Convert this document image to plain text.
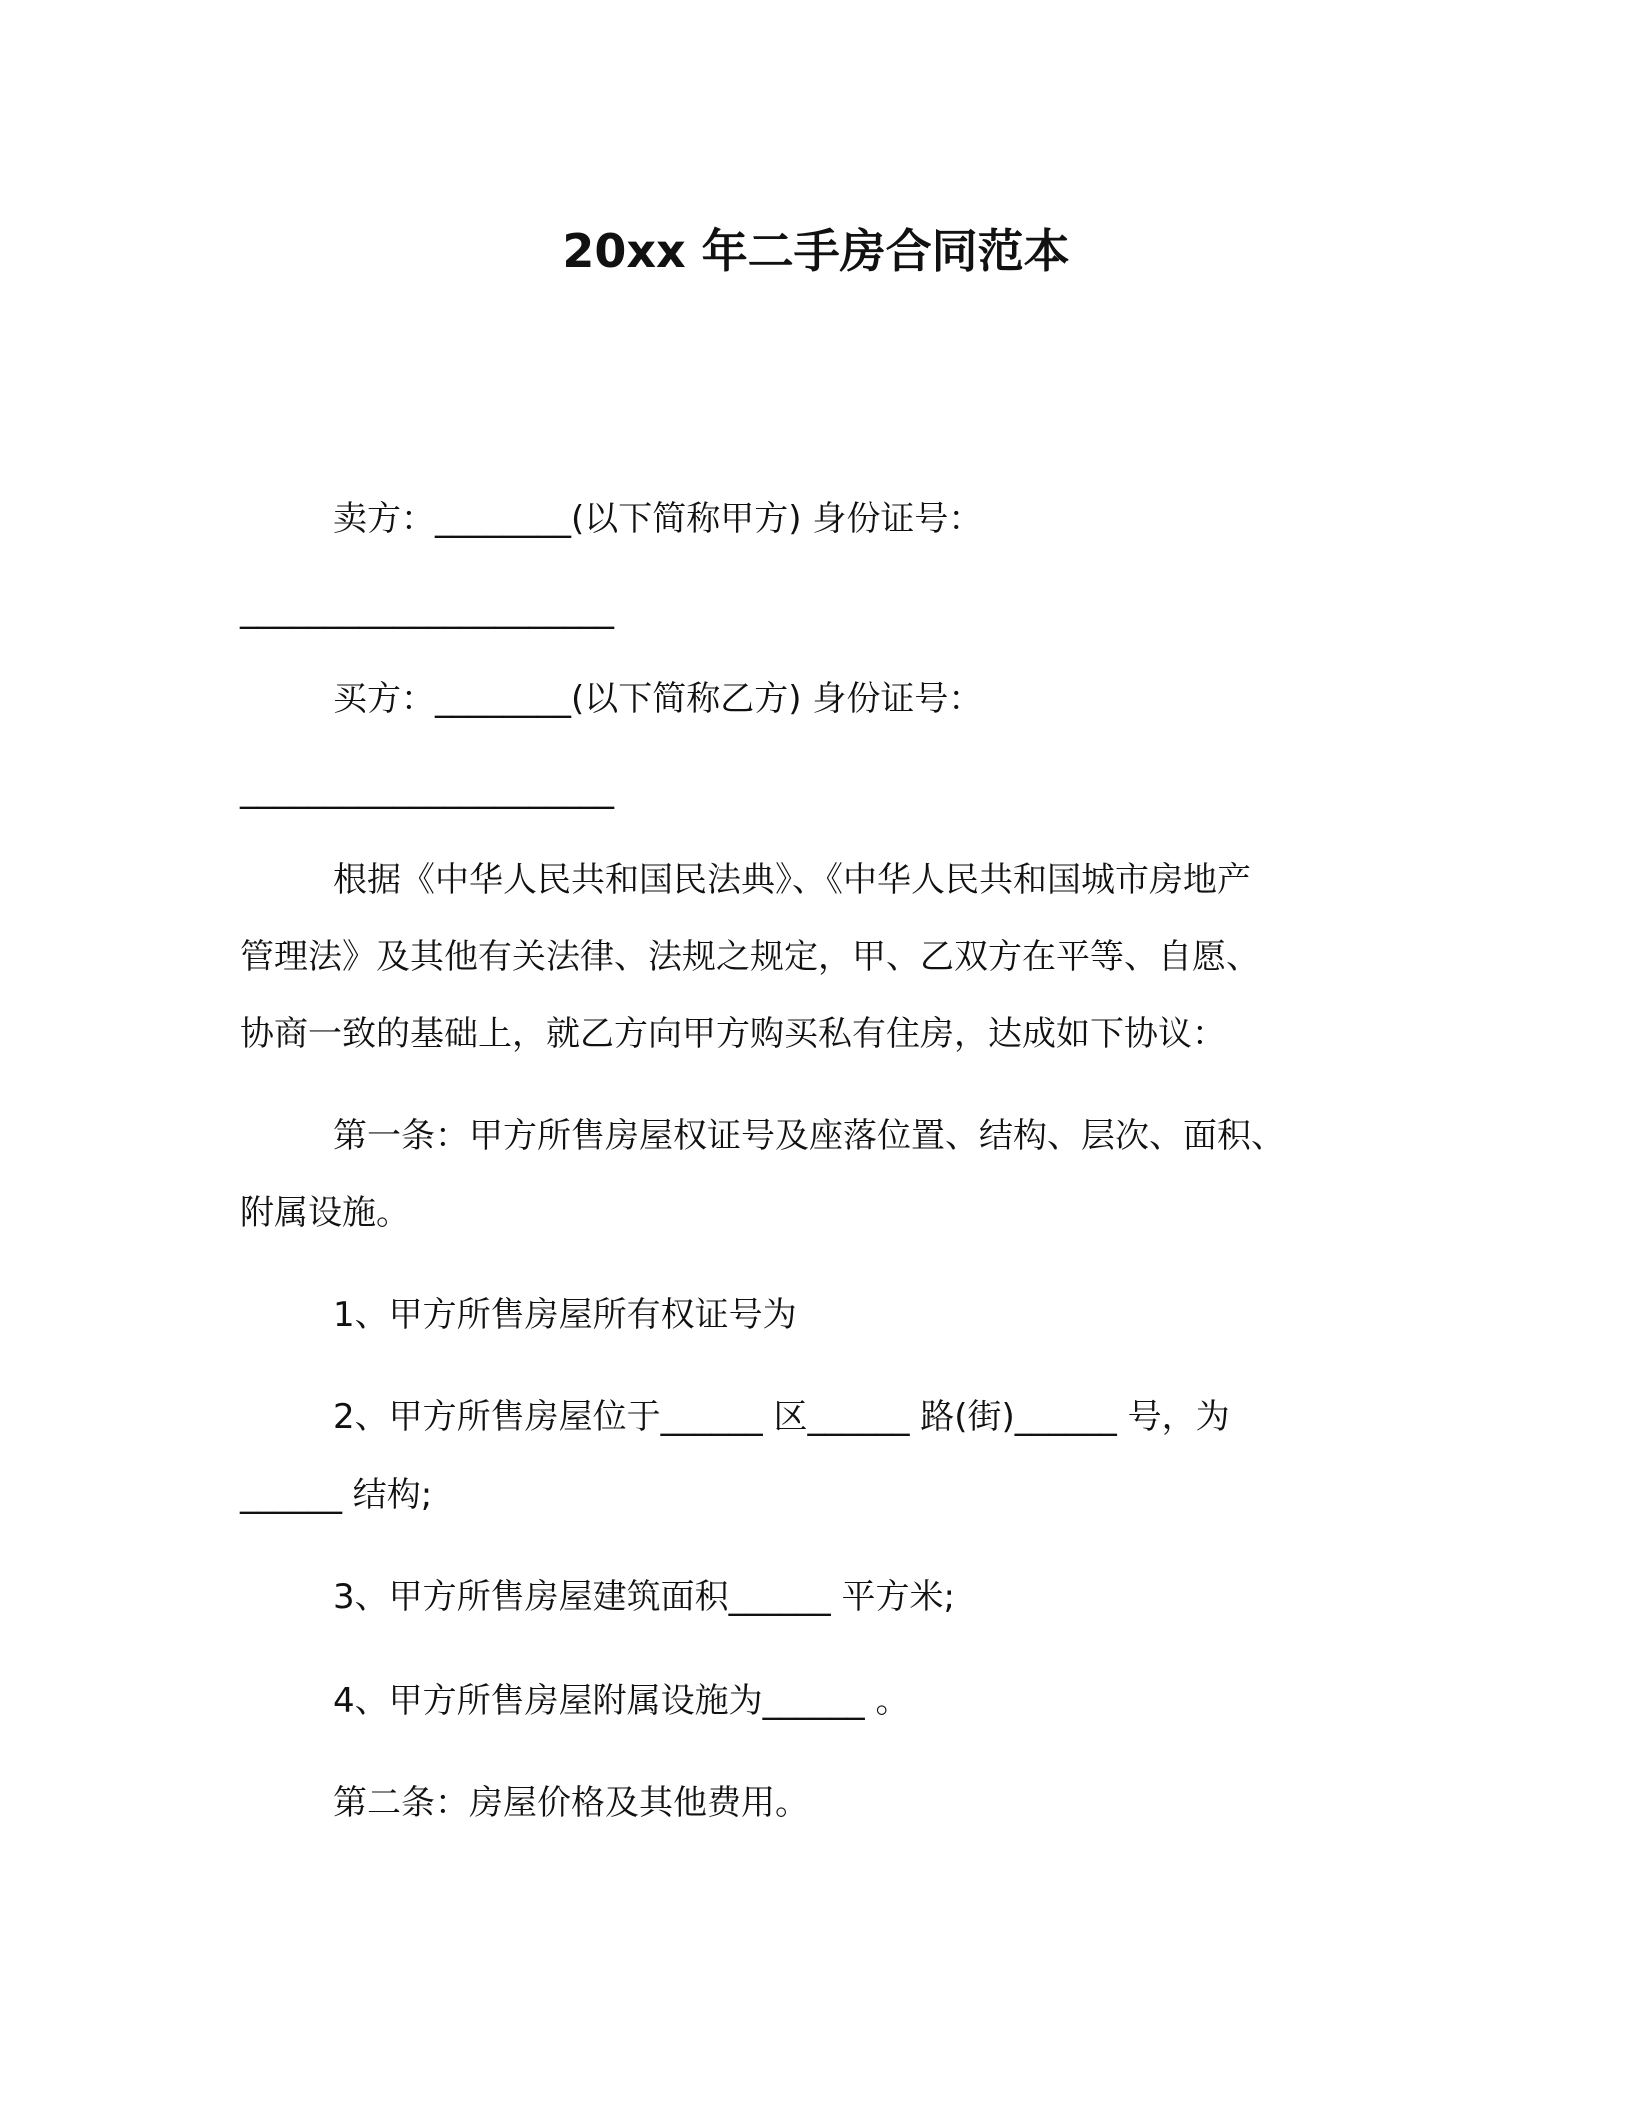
20xx 年二手房合同范本
卖方：________(以下简称甲方) 身份证号：
______________________
买方：________(以下简称乙方) 身份证号：
______________________
根据《中华人民共和国民法典》、《中华人民共和国城市房地产
管理法》及其他有关法律、法规之规定，甲、乙双方在平等、自愿、
协商一致的基础上，就乙方向甲方购买私有住房，达成如下协议：
第一条：甲方所售房屋权证号及座落位置、结构、层次、面积、
附属设施。
1、甲方所售房屋所有权证号为
2、甲方所售房屋位于______ 区______ 路(街)______ 号，为
______ 结构;
3、甲方所售房屋建筑面积______ 平方米;
4、甲方所售房屋附属设施为______ 。
第二条：房屋价格及其他费用。
